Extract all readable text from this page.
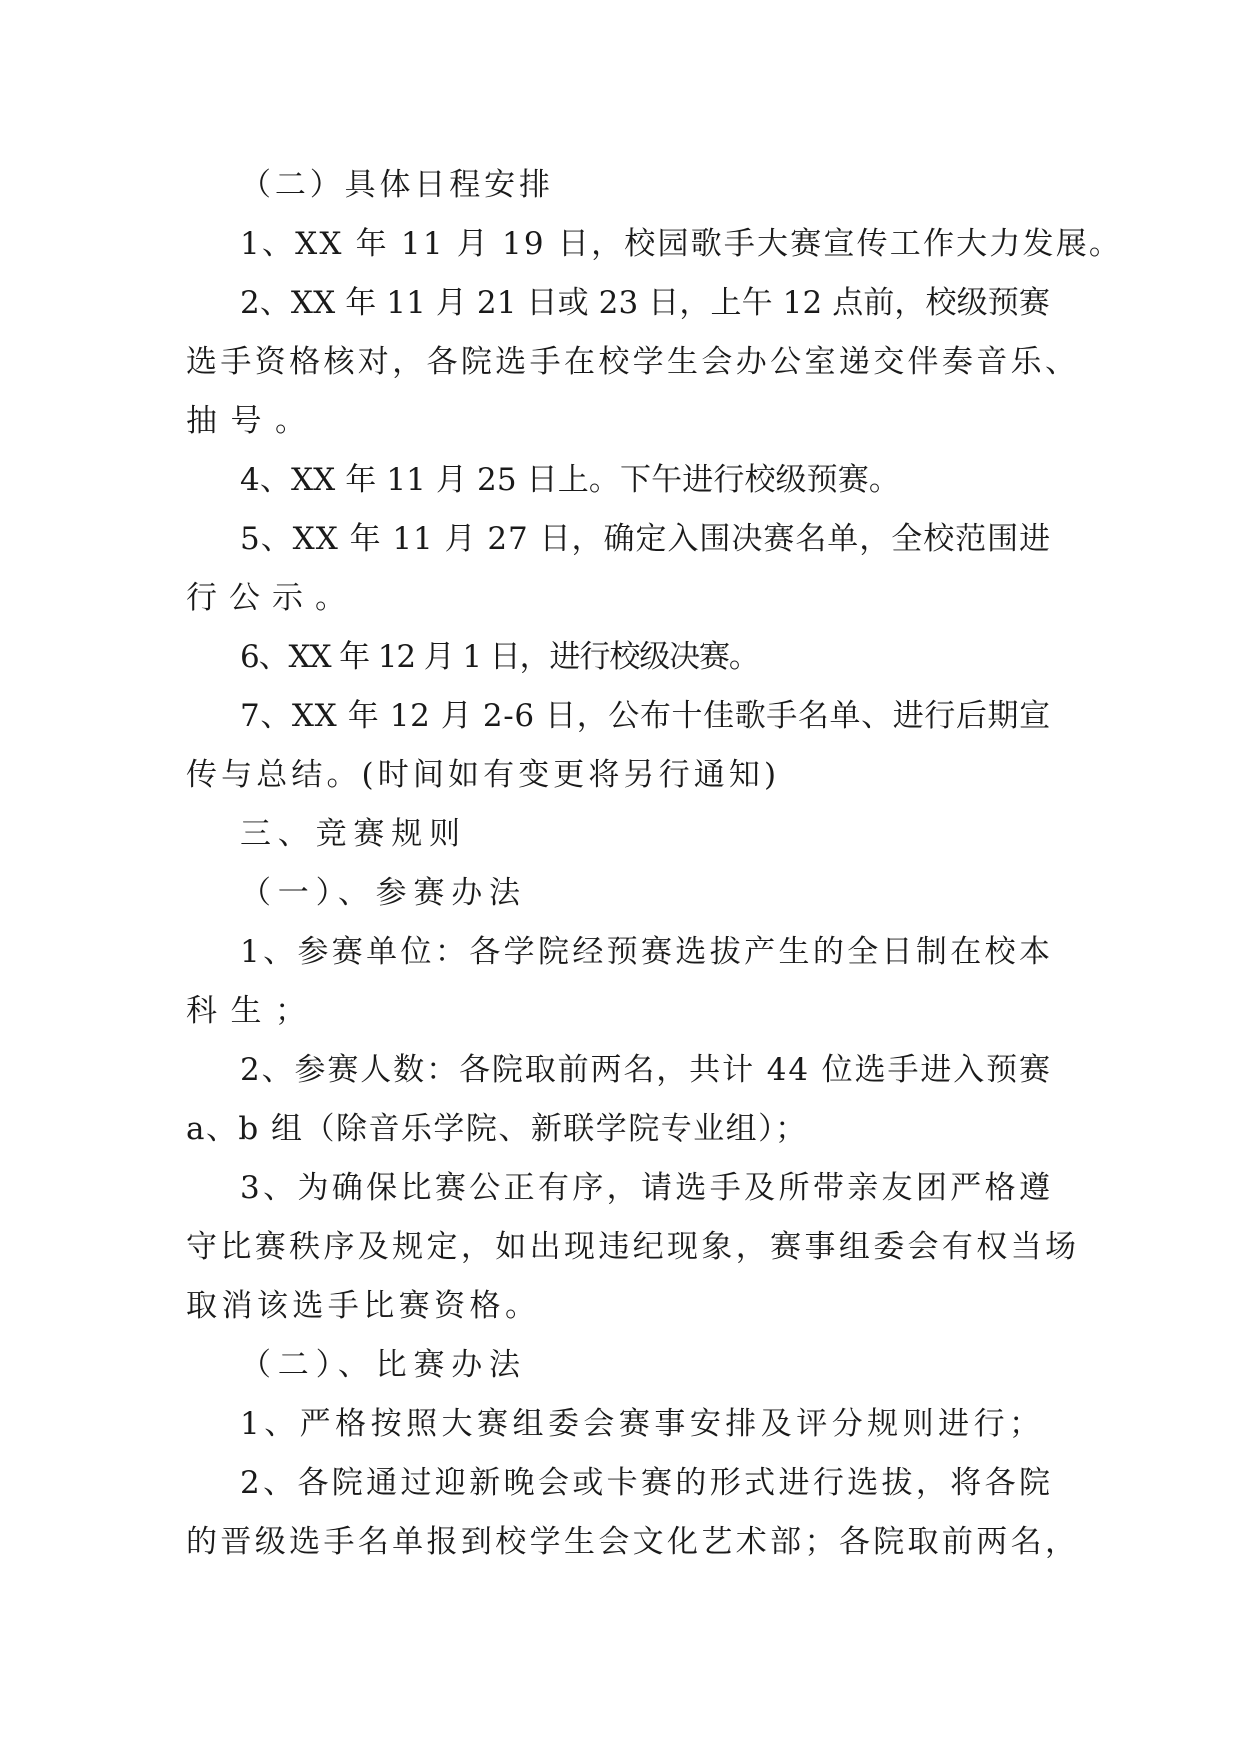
（二）具体日程安排

1、XX 年 11 月 19 日，校园歌手大赛宣传工作大力发展。

2、XX 年 11 月 21 日或 23 日，上午 12 点前，校级预赛

选手资格核对，各院选手在校学生会办公室递交伴奏音乐、

抽号。

4、XX 年 11 月 25 日上。下午进行校级预赛。

5、XX 年 11 月 27 日，确定入围决赛名单，全校范围进

行公示。

6、XX 年 12 月 1 日，进行校级决赛。

7、XX 年 12 月 2-6 日，公布十佳歌手名单、进行后期宣

传与总结。(时间如有变更将另行通知)

三、竞赛规则

（一）、参赛办法

1、参赛单位：各学院经预赛选拔产生的全日制在校本

科生；

2、参赛人数：各院取前两名，共计 44 位选手进入预赛

a、b 组（除音乐学院、新联学院专业组）；

3、为确保比赛公正有序，请选手及所带亲友团严格遵

守比赛秩序及规定，如出现违纪现象，赛事组委会有权当场

取消该选手比赛资格。

（二）、比赛办法

1、严格按照大赛组委会赛事安排及评分规则进行；

2、各院通过迎新晚会或卡赛的形式进行选拔，将各院

的晋级选手名单报到校学生会文化艺术部；各院取前两名，
